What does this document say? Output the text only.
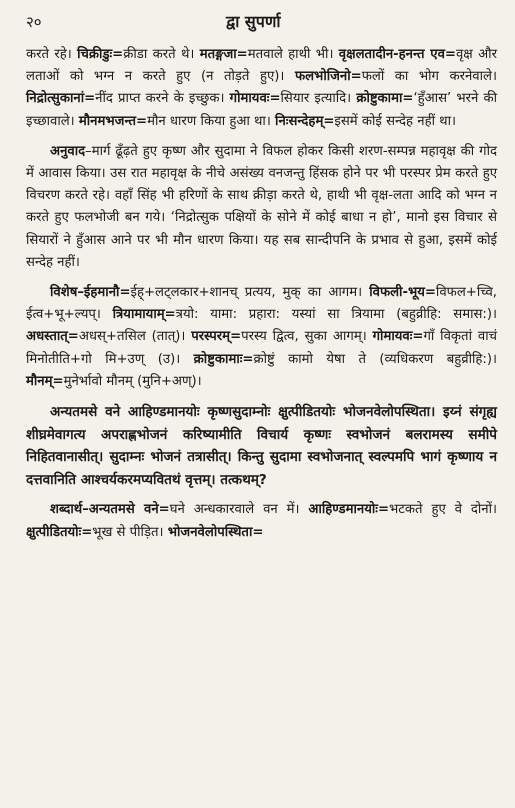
२०	द्वा सुपर्णा

करते रहे। चिक्रीडुः=क्रीडा करते थे। मतङ्गजा=मतवाले हाथी भी। वृक्षलतादीन-हनन्त एव=वृक्ष और लताओं को भग्न न करते हुए (न तोड़ते हुए)। फलभोजिनो=फलों का भोग करनेवाले। निद्रोत्सुकानां=नींद प्राप्त करने के इच्छुक। गोमायवः=सियार इत्यादि। क्रोष्टुकामा=‘हुँआस’ भरने की इच्छावाले। मौनमभजन्त=मौन धारण किया हुआ था। निःसन्देहम्=इसमें कोई सन्देह नहीं था।

अनुवाद–मार्ग ढूँढ़ते हुए कृष्ण और सुदामा ने विफल होकर किसी शरण-सम्पन्न महावृक्ष की गोद में आवास किया। उस रात महावृक्ष के नीचे असंख्य वनजन्तु हिंसक होने पर भी परस्पर प्रेम करते हुए विचरण करते रहे। वहाँ सिंह भी हरिणों के साथ क्रीड़ा करते थे, हाथी भी वृक्ष-लता आदि को भग्न न करते हुए फलभोजी बन गये। ‘निद्रोत्सुक पक्षियों के सोने में कोई बाधा न हो’, मानो इस विचार से सियारों ने हुँआस आने पर भी मौन धारण किया। यह सब सान्दीपनि के प्रभाव से हुआ, इसमें कोई सन्देह नहीं।

विशेष–ईहमानौ=ईह्+लट्‌लकार+शानच् प्रत्यय, मुक् का आगम। विफली-भूय=विफल+च्वि, ईत्व+भू+ल्यप्। त्रियामायाम्=त्रयो: यामा: प्रहारा: यस्यां सा त्रियामा (बहुव्रीहि: समास:)। अधस्तात्=अधस्+तसिल (तात्)। परस्परम्=परस्य द्वित्व, सुका आगम्। गोमायवः=गाँ विकृतां वाचं मिनोतीति+गो मि+उण् (उ)। क्रोष्टुकामाः=क्रोष्टुं कामो येषा ते (व्यधिकरण बहुव्रीहि:)। मौनम्=मुनेर्भावो मौनम् (मुनि+अण्)।

अन्यतमसे वने आहिण्डमानयोः कृष्णसुदाम्नोः क्षुत्पीडितयोः भोजनवेलोपस्थिता। इय्नं संगृह्य शीघ्रमेवागत्य अपराह्णभोजनं करिष्यामीति विचार्य कृष्णः स्वभोजनं बलरामस्य समीपे निहितवानासीत्। सुदाम्नः भोजनं तत्रासीत्। किन्तु सुदामा स्वभोजनात् स्वल्पमपि भागं कृष्णाय न दत्तवानिति आश्चर्यकरमप्यवितथं वृत्तम्। तत्कथम्?

शब्दार्थ–अन्यतमसे वने=घने अन्धकारवाले वन में। आहिण्डमानयोः=भटकते हुए वे दोनों। क्षुत्पीडितयोः=भूख से पीड़ित। भोजनवेलोपस्थिता=
